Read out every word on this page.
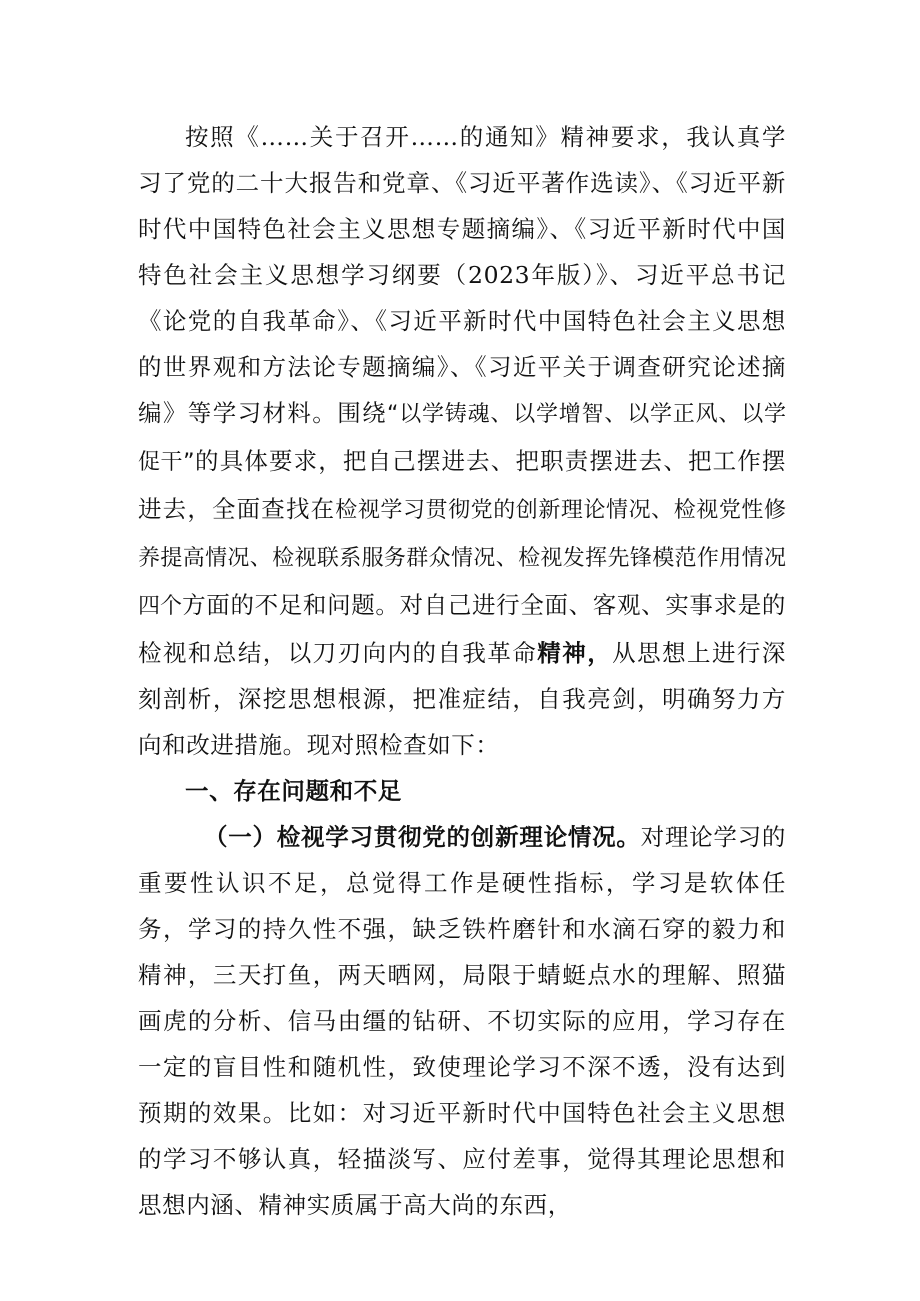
按照《……关于召开……的通知》精神要求，我认真学习了党的二十大报告和党章、《习近平著作选读》、《习近平新时代中国特色社会主义思想专题摘编》、《习近平新时代中国特色社会主义思想学习纲要（2023年版）》、习近平总书记《论党的自我革命》、《习近平新时代中国特色社会主义思想的世界观和方法论专题摘编》、《习近平关于调查研究论述摘编》等学习材料。围绕“以学铸魂、以学增智、以学正风、以学促干”的具体要求，把自己摆进去、把职责摆进去、把工作摆进去，全面查找在检视学习贯彻党的创新理论情况、检视党性修养提高情况、检视联系服务群众情况、检视发挥先锋模范作用情况四个方面的不足和问题。对自己进行全面、客观、实事求是的检视和总结，以刀刃向内的自我革命精神，从思想上进行深刻剖析，深挖思想根源，把准症结，自我亮剑，明确努力方向和改进措施。现对照检查如下：

一、存在问题和不足

（一）检视学习贯彻党的创新理论情况。对理论学习的重要性认识不足，总觉得工作是硬性指标，学习是软体任务，学习的持久性不强，缺乏铁杵磨针和水滴石穿的毅力和精神，三天打鱼，两天晒网，局限于蜻蜓点水的理解、照猫画虎的分析、信马由缰的钻研、不切实际的应用，学习存在一定的盲目性和随机性，致使理论学习不深不透，没有达到预期的效果。比如：对习近平新时代中国特色社会主义思想的学习不够认真，轻描淡写、应付差事，觉得其理论思想和思想内涵、精神实质属于高大尚的东西，
